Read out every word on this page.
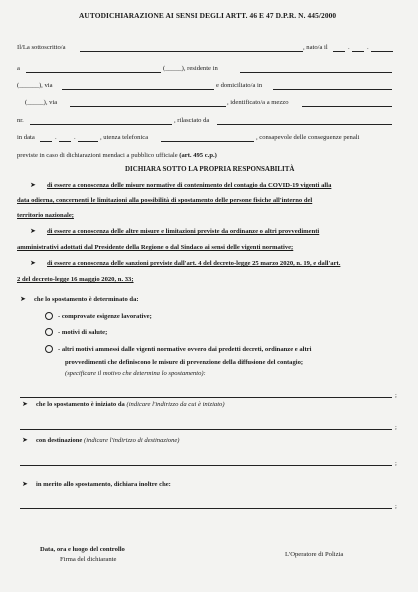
AUTODICHIARAZIONE AI SENSI DEGLI ARTT. 46 E 47 D.P.R. N. 445/2000
Il/La sottoscritto/a	, nato/a il	.	.
a	(_____), residente in
(______), via	e domiciliato/a in
(_____), via	, identificato/a a mezzo
nr.	, rilasciato da
in data	.	.	, utenza telefonica	, consapevole delle conseguenze penali
previste in caso di dichiarazioni mendaci a pubblico ufficiale (art. 495 c.p.)
DICHIARA SOTTO LA PROPRIA RESPONSABILITÀ
➤ di essere a conoscenza delle misure normative di contenimento del contagio da COVID-19 vigenti alla
data odierna, concernenti le limitazioni alla possibilità di spostamento delle persone fisiche all'interno del
territorio nazionale;
➤ di essere a conoscenza delle altre misure e limitazioni previste da ordinanze o altri provvedimenti
amministrativi adottati dal Presidente della Regione o dal Sindaco ai sensi delle vigenti normative;
➤ di essere a conoscenza delle sanzioni previste dall'art. 4 del decreto-legge 25 marzo 2020, n. 19, e dall'art.
2 del decreto-legge 16 maggio 2020, n. 33;
➤ che lo spostamento è determinato da:
- comprovate esigenze lavorative;
- motivi di salute;
- altri motivi ammessi dalle vigenti normative ovvero dai predetti decreti, ordinanze e altri
provvedimenti che definiscono le misure di prevenzione della diffusione del contagio;
(specificare il motivo che determina lo spostamento):
;
➤ che lo spostamento è iniziato da (indicare l'indirizzo da cui è iniziato)
;
➤ con destinazione (indicare l'indirizzo di destinazione)
;
➤ in merito allo spostamento, dichiara inoltre che:
;
Data, ora e luogo del controllo
Firma del dichiarante
L'Operatore di Polizia
